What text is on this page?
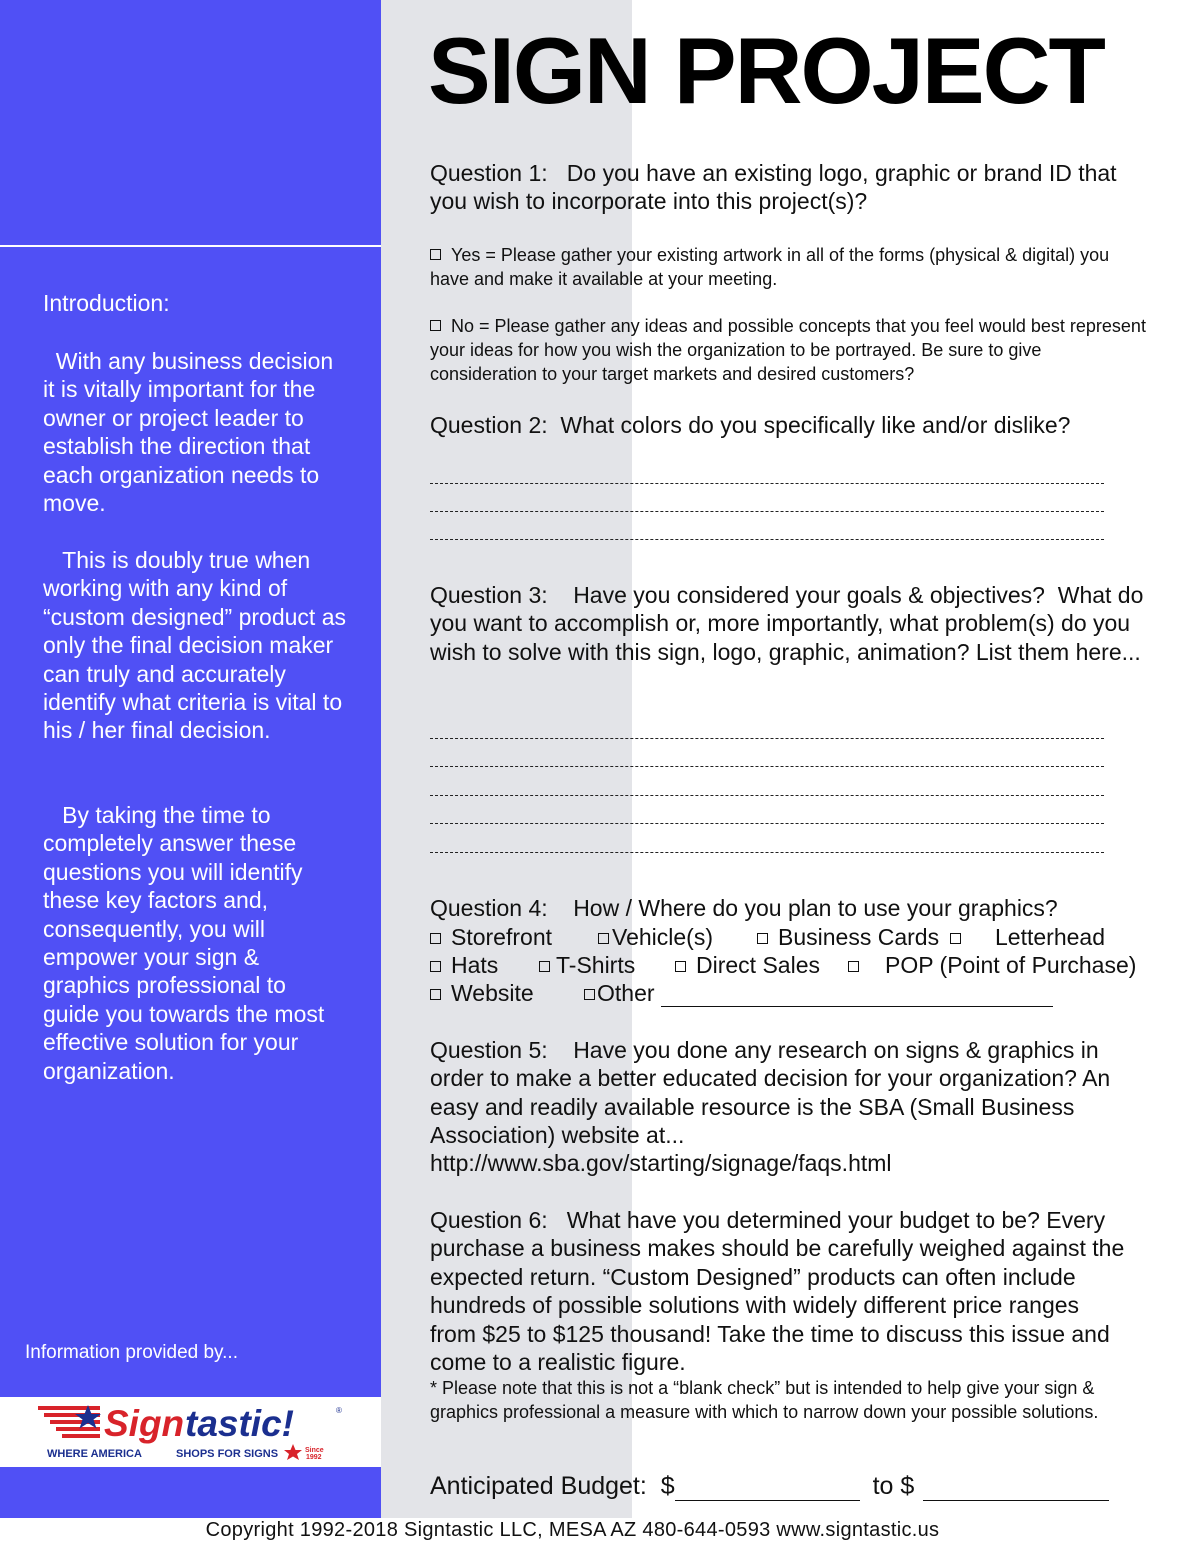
Introduction:

With any business decision it is vitally important for the owner or project leader to establish the direction that each organization needs to move.

This is doubly true when working with any kind of “custom designed” product as only the final decision maker can truly and accurately identify what criteria is vital to his / her final decision.

By taking the time to completely answer these questions you will identify these key factors and, consequently, you will empower your sign & graphics professional to guide you towards the most effective solution for your organization.

Information provided by...
Sign tastic!	®
WHERE AMERICA	SHOPS FOR SIGNS	Since
1992
SIGN PROJECT

Question 1:   Do you have an existing logo, graphic or brand ID that you wish to incorporate into this project(s)?

Yes = Please gather your existing artwork in all of the forms (physical & digital) you have and make it available at your meeting.

No = Please gather any ideas and possible concepts that you feel would best represent your ideas for how you wish the organization to be portrayed. Be sure to give consideration to your target markets and desired customers?

Question 2:  What colors do you specifically like and/or dislike?

Question 3:    Have you considered your goals & objectives?  What do you want to accomplish or, more importantly, what problem(s) do you wish to solve with this sign, logo, graphic, animation? List them here...

Question 4:    How / Where do you plan to use your graphics?

Storefront	Vehicle(s)	Business Cards	Letterhead
Hats	T-Shirts	Direct Sales	POP (Point of Purchase)
Website	Other

Question 5:    Have you done any research on signs & graphics in order to make a better educated decision for your organization? An easy and readily available resource is the SBA (Small Business Association) website at...

http://www.sba.gov/starting/signage/faqs.html

Question 6:   What have you determined your budget to be? Every purchase a business makes should be carefully weighed against the expected return. “Custom Designed” products can often include hundreds of possible solutions with widely different price ranges from $25 to $125 thousand! Take the time to discuss this issue and come to a realistic figure.

* Please note that this is not a “blank check” but is intended to help give your sign & graphics professional a measure with which to narrow down your possible solutions.

Anticipated Budget:  $	to $
Copyright 1992-2018 Signtastic LLC, MESA AZ 480-644-0593 www.signtastic.us
